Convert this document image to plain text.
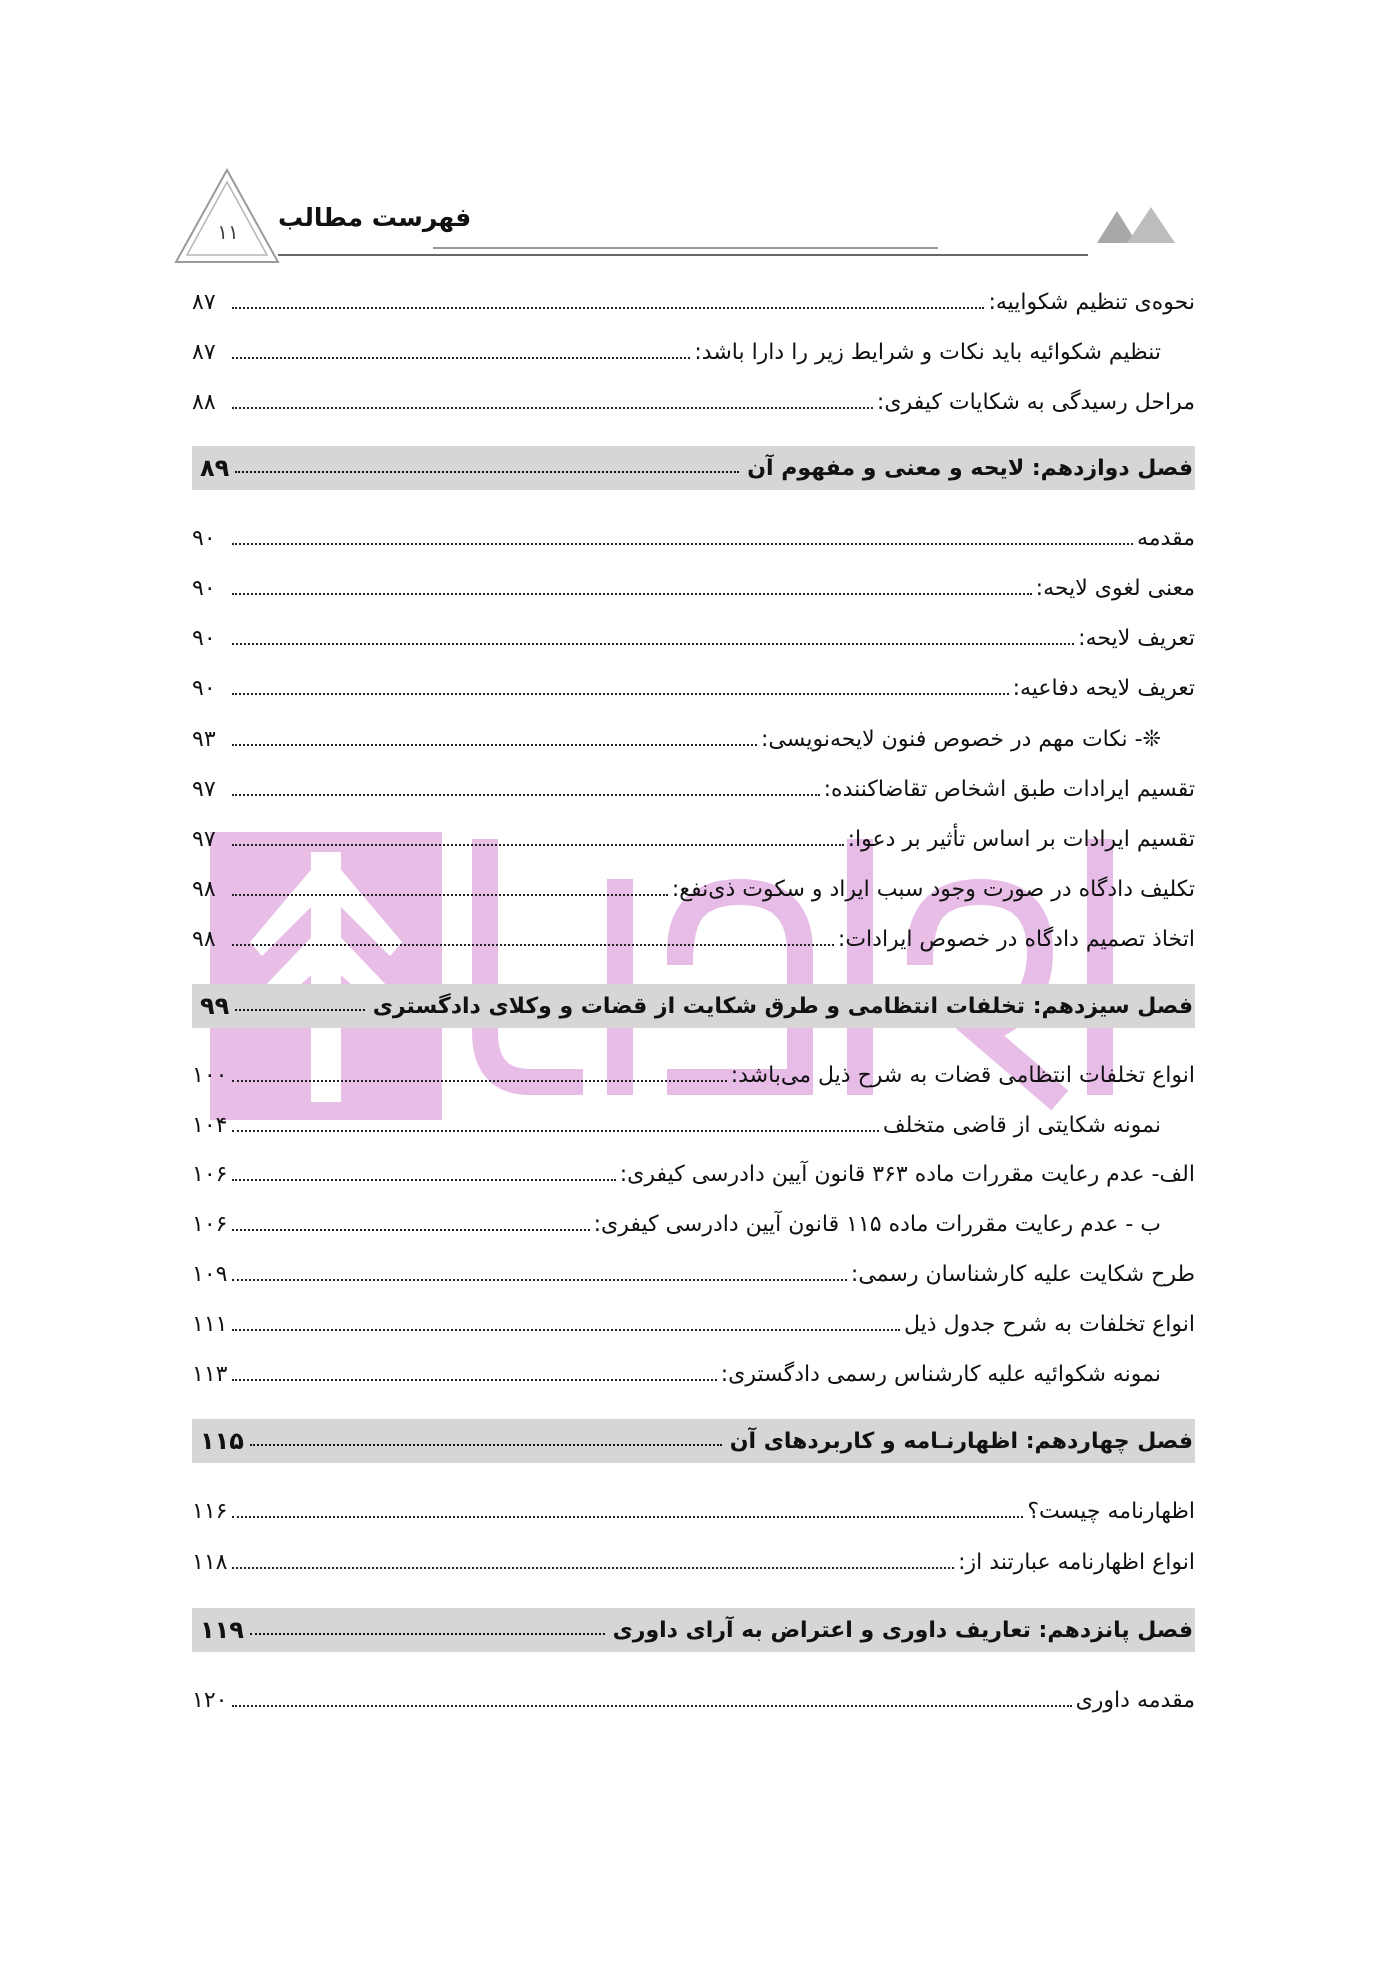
۱۱	فهرست مطالب
نحوه‌ی تنظیم شکواییه:
۸۷
تنظیم شکوائیه باید نکات و شرایط زیر را دارا باشد:
۸۷
مراحل رسیدگی به شکایات کیفری:
۸۸
فصل دوازدهم: لایحه و معنی و مفهوم آن
۸۹
مقدمه
۹۰
معنی لغوی لایحه:
۹۰
تعریف لایحه:
۹۰
تعریف لایحه دفاعیه:
۹۰
❊- نکات مهم در خصوص فنون لایحه‌نویسی:
۹۳
تقسیم ایرادات طبق اشخاص تقاضاکننده:
۹۷
تقسیم ایرادات بر اساس تأثیر بر دعوا:
۹۷
تکلیف دادگاه در صورت وجود سبب ایراد و سکوت ذی‌نفع:
۹۸
اتخاذ تصمیم دادگاه در خصوص ایرادات:
۹۸
فصل سیزدهم: تخلفات انتظامی و طرق شکایت از قضات و وکلای دادگستری
۹۹
انواع تخلفات انتظامی قضات به شرح ذیل می‌باشد:
۱۰۰
نمونه شکایتی از قاضی متخلف
۱۰۴
الف- عدم رعایت مقررات ماده ۳۶۳ قانون آیین دادرسی کیفری:
۱۰۶
ب - عدم رعایت مقررات ماده ۱۱۵ قانون آیین دادرسی کیفری:
۱۰۶
طرح شکایت علیه کارشناسان رسمی:
۱۰۹
انواع تخلفات به شرح جدول ذیل
۱۱۱
نمونه شکوائیه علیه کارشناس رسمی دادگستری:
۱۱۳
فصل چهاردهم: اظهارنـامه و کاربردهای آن
۱۱۵
اظهارنامه چیست؟
۱۱۶
انواع اظهارنامه عبارتند از:
۱۱۸
فصل پانزدهم: تعاریف داوری و اعتراض به آرای داوری
۱۱۹
مقدمه داوری
۱۲۰
